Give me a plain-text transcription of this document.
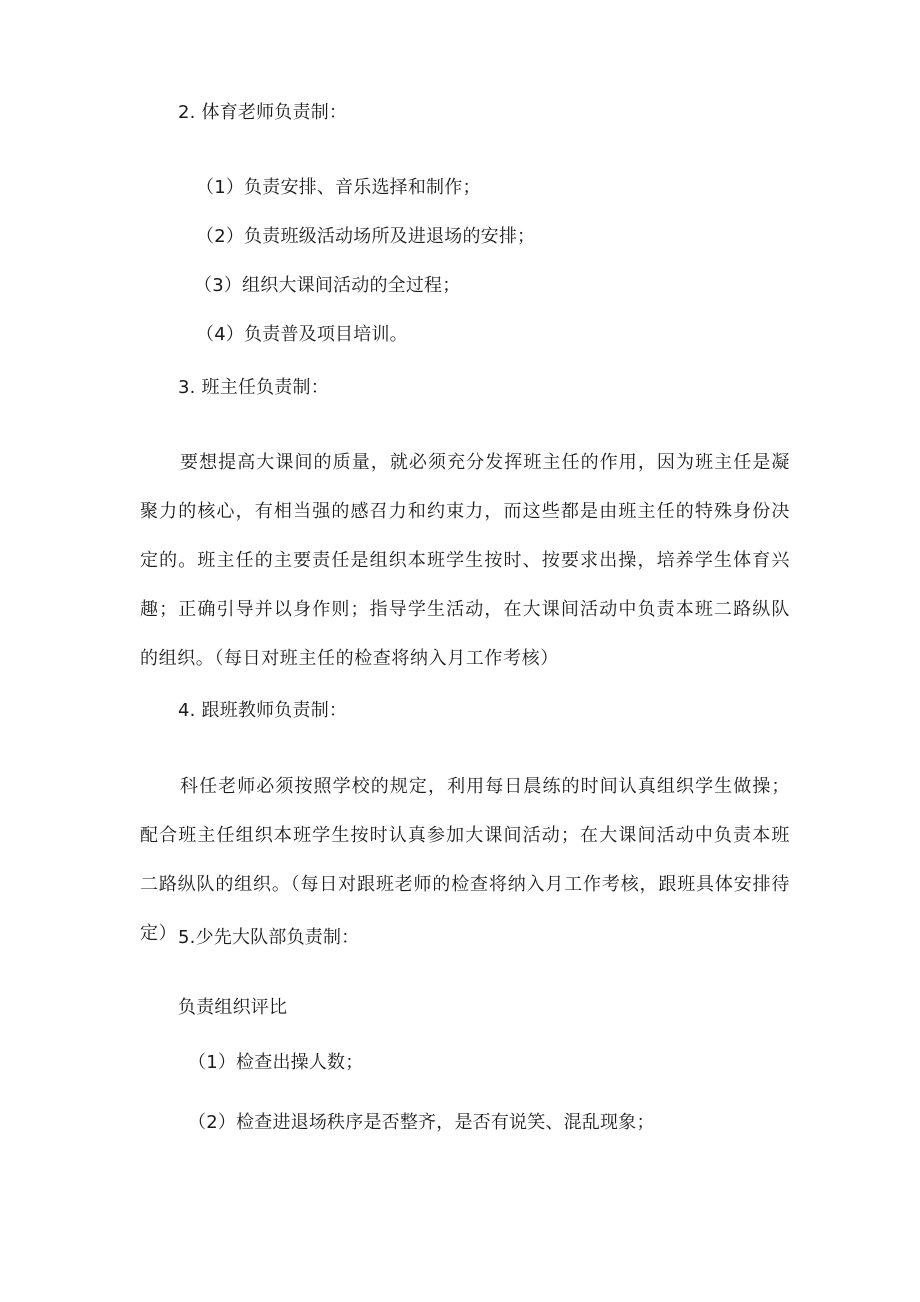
2. 体育老师负责制：
（1）负责安排、音乐选择和制作；
（2）负责班级活动场所及进退场的安排；
（3）组织大课间活动的全过程；
（4）负责普及项目培训。
3. 班主任负责制：
要想提高大课间的质量，就必须充分发挥班主任的作用，因为班主任是凝聚力的核心，有相当强的感召力和约束力，而这些都是由班主任的特殊身份决定的。班主任的主要责任是组织本班学生按时、按要求出操，培养学生体育兴趣；正确引导并以身作则；指导学生活动，在大课间活动中负责本班二路纵队的组织。（每日对班主任的检查将纳入月工作考核）
4. 跟班教师负责制：
科任老师必须按照学校的规定，利用每日晨练的时间认真组织学生做操；配合班主任组织本班学生按时认真参加大课间活动；在大课间活动中负责本班二路纵队的组织。（每日对跟班老师的检查将纳入月工作考核，跟班具体安排待定） 5.少先大队部负责制：
负责组织评比
（1）检查出操人数；
（2）检查进退场秩序是否整齐，是否有说笑、混乱现象；
